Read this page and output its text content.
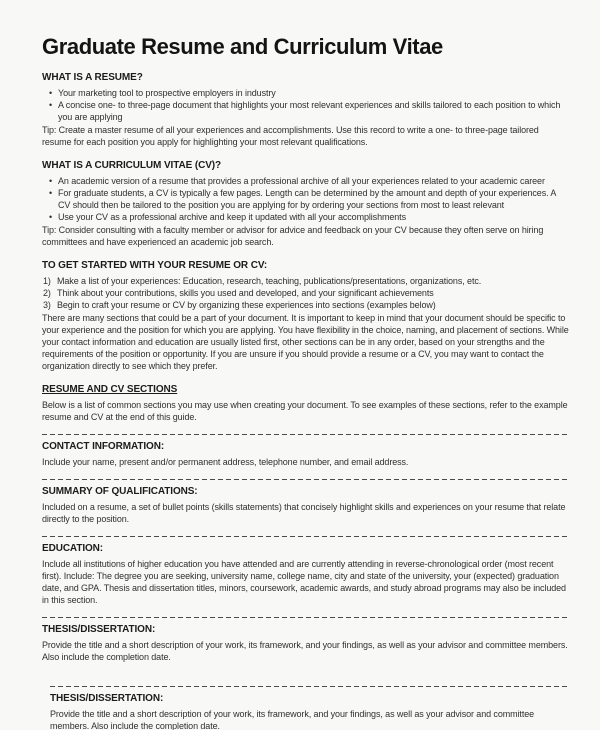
Graduate Resume and Curriculum Vitae
WHAT IS A RESUME?
• Your marketing tool to prospective employers in industry
• A concise one- to three-page document that highlights your most relevant experiences and skills tailored to each position to which you are applying

Tip: Create a master resume of all your experiences and accomplishments. Use this record to write a one- to three-page tailored resume for each position you apply for highlighting your most relevant qualifications.

WHAT IS A CURRICULUM VITAE (CV)?
• An academic version of a resume that provides a professional archive of all your experiences related to your academic career
• For graduate students, a CV is typically a few pages. Length can be determined by the amount and depth of your experiences. A CV should then be tailored to the position you are applying for by ordering your sections from most to least relevant
• Use your CV as a professional archive and keep it updated with all your accomplishments

Tip: Consider consulting with a faculty member or advisor for advice and feedback on your CV because they often serve on hiring committees and have experienced an academic job search.

TO GET STARTED WITH YOUR RESUME OR CV:
1) Make a list of your experiences: Education, research, teaching, publications/presentations, organizations, etc.
2) Think about your contributions, skills you used and developed, and your significant achievements
3) Begin to craft your resume or CV by organizing these experiences into sections (examples below)

There are many sections that could be a part of your document. It is important to keep in mind that your document should be specific to your experience and the position for which you are applying. You have flexibility in the choice, naming, and placement of sections. While your contact information and education are usually listed first, other sections can be in any order, based on your strengths and the requirements of the position or opportunity. If you are unsure if you should provide a resume or a CV, you may want to contact the organization directly to see which they prefer.

RESUME AND CV SECTIONS

Below is a list of common sections you may use when creating your document. To see examples of these sections, refer to the example resume and CV at the end of this guide.

CONTACT INFORMATION:

Include your name, present and/or permanent address, telephone number, and email address.

SUMMARY OF QUALIFICATIONS:

Included on a resume, a set of bullet points (skills statements) that concisely highlight skills and experiences on your resume that relate directly to the position.

EDUCATION:

Include all institutions of higher education you have attended and are currently attending in reverse-chronological order (most recent first). Include: The degree you are seeking, university name, college name, city and state of the university, your (expected) graduation date, and GPA. Thesis and dissertation titles, minors, coursework, academic awards, and study abroad programs may also be included in this section.

THESIS/DISSERTATION:

Provide the title and a short description of your work, its framework, and your findings, as well as your advisor and committee members. Also include the completion date.

THESIS/DISSERTATION:

Provide the title and a short description of your work, its framework, and your findings, as well as your advisor and committee members. Also include the completion date.
